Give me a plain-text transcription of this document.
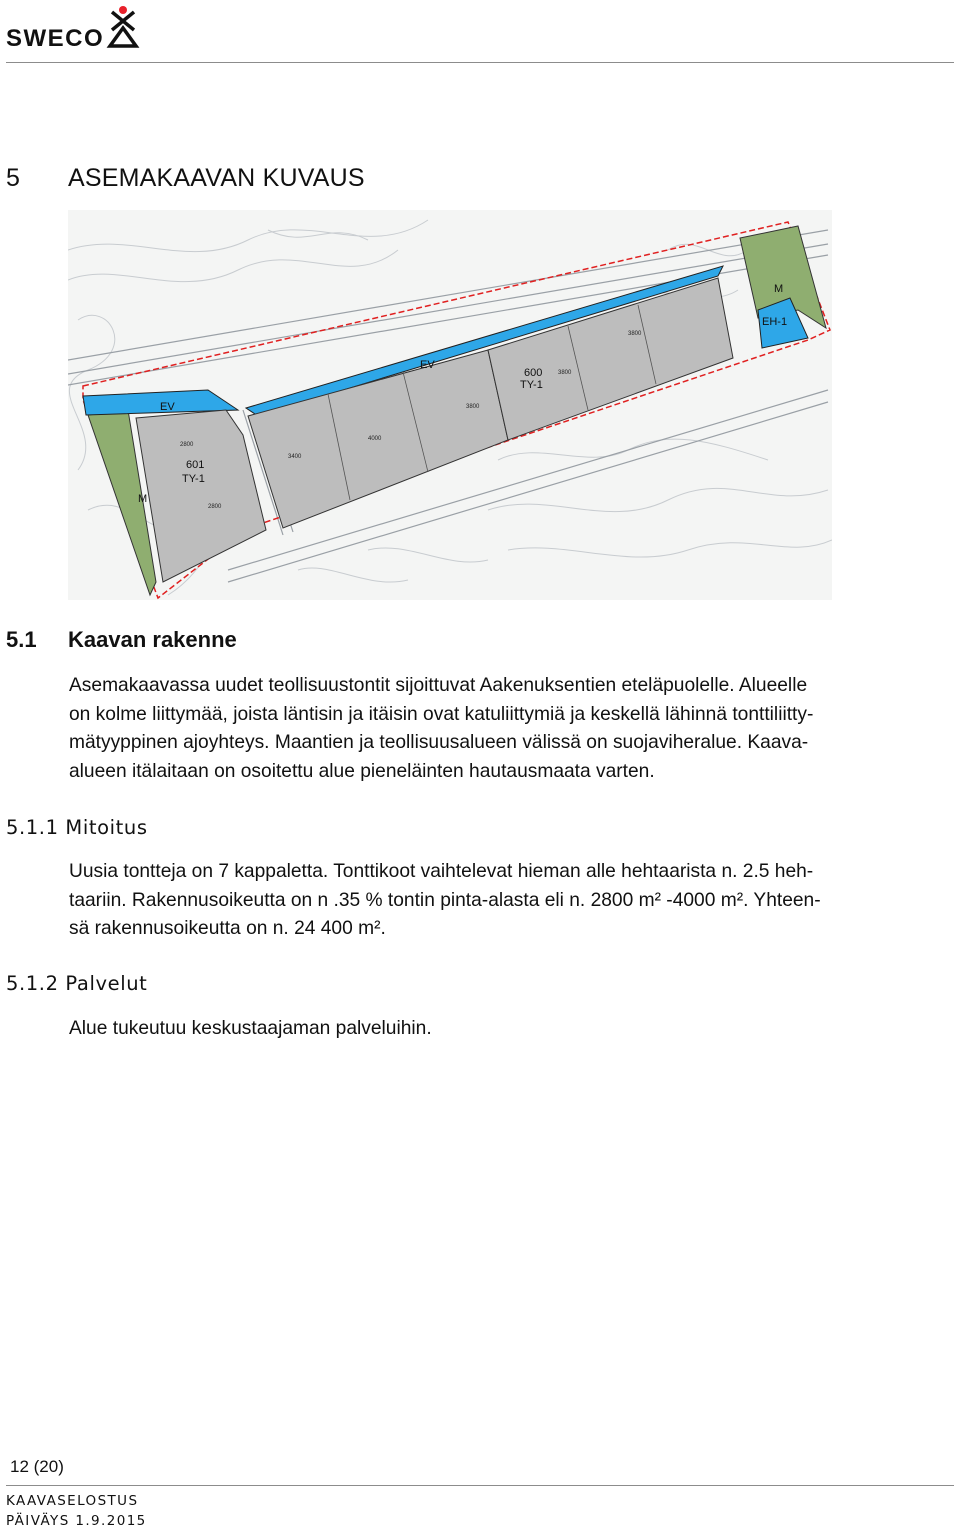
SWECO
5 ASEMAKAAVAN KUVAUS
EV
EV
601
TY-1
600
TY-1
M
M
EH-1
3400
4000
3800
2800
2800
3800
3800
5.1 Kaavan rakenne

Asemakaavassa uudet teollisuustontit sijoittuvat Aakenuksentien eteläpuolelle. Alueelle
on kolme liittymää, joista läntisin ja itäisin ovat katuliittymiä ja keskellä lähinnä tonttiliitty-
mätyyppinen ajoyhteys. Maantien ja teollisuusalueen välissä on suojaviheralue. Kaava-
alueen itälaitaan on osoitettu alue pieneläinten hautausmaata varten.

5.1.1 Mitoitus

Uusia tontteja on 7 kappaletta. Tonttikoot vaihtelevat hieman alle hehtaarista n. 2.5 heh-
taariin. Rakennusoikeutta on n .35 % tontin pinta-alasta eli n. 2800 m² -4000 m². Yhteen-
sä rakennusoikeutta on n. 24 400 m².

5.1.2 Palvelut

Alue tukeutuu keskustaajaman palveluihin.

12 (20)
KAAVASELOSTUS
PÄIVÄYS 1.9.2015
